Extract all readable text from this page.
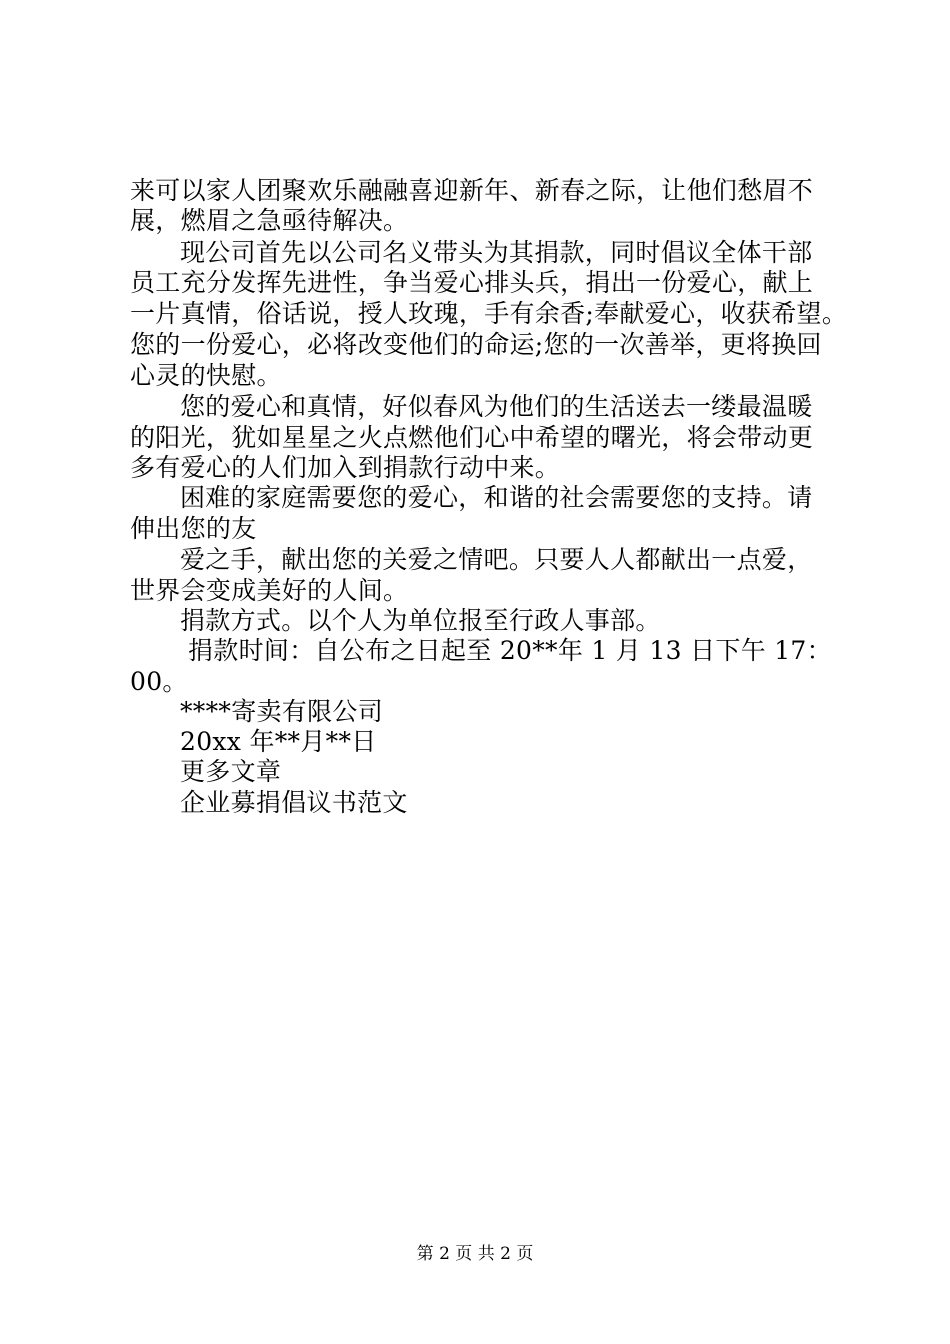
来可以家人团聚欢乐融融喜迎新年、新春之际，让他们愁眉不
展，燃眉之急亟待解决。
现公司首先以公司名义带头为其捐款，同时倡议全体干部
员工充分发挥先进性，争当爱心排头兵，捐出一份爱心，献上
一片真情，俗话说，授人玫瑰，手有余香;奉献爱心，收获希望。
您的一份爱心，必将改变他们的命运;您的一次善举，更将换回
心灵的快慰。
您的爱心和真情，好似春风为他们的生活送去一缕最温暖
的阳光，犹如星星之火点燃他们心中希望的曙光，将会带动更
多有爱心的人们加入到捐款行动中来。
困难的家庭需要您的爱心，和谐的社会需要您的支持。请
伸出您的友
爱之手，献出您的关爱之情吧。只要人人都献出一点爱，
世界会变成美好的人间。
捐款方式。以个人为单位报至行政人事部。
捐款时间：自公布之日起至 20**年 1 月 13 日下午 17：
00。
****寄卖有限公司
20xx 年**月**日
更多文章
企业募捐倡议书范文
第 2 页 共 2 页
